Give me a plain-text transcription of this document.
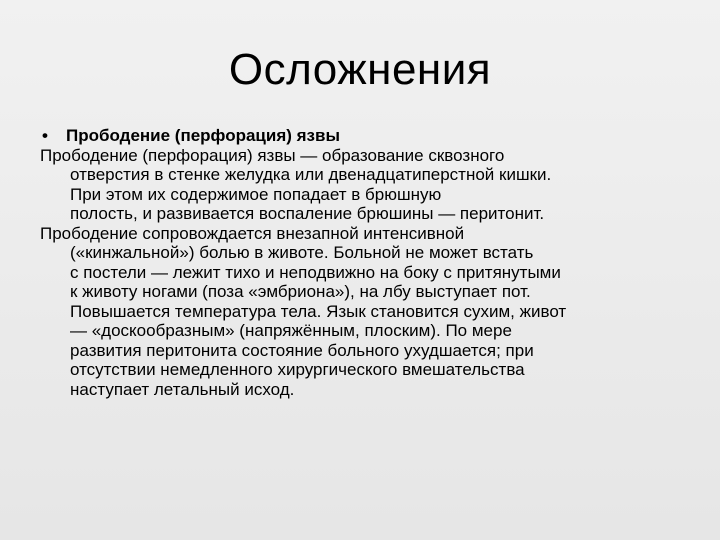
Осложнения
• Прободение (перфорация) язвы

Прободение (перфорация) язвы — образование сквозного
отверстия в стенке желудка или двенадцатиперстной кишки.
При этом их содержимое попадает в брюшную
полость, и развивается воспаление брюшины — перитонит.

Прободение сопровождается внезапной интенсивной
(«кинжальной») болью в животе. Больной не может встать
с постели — лежит тихо и неподвижно на боку с притянутыми
к животу ногами (поза «эмбриона»), на лбу выступает пот.
Повышается температура тела. Язык становится сухим, живот
— «доскообразным» (напряжённым, плоским). По мере
развития перитонита состояние больного ухудшается; при
отсутствии немедленного хирургического вмешательства
наступает летальный исход.
